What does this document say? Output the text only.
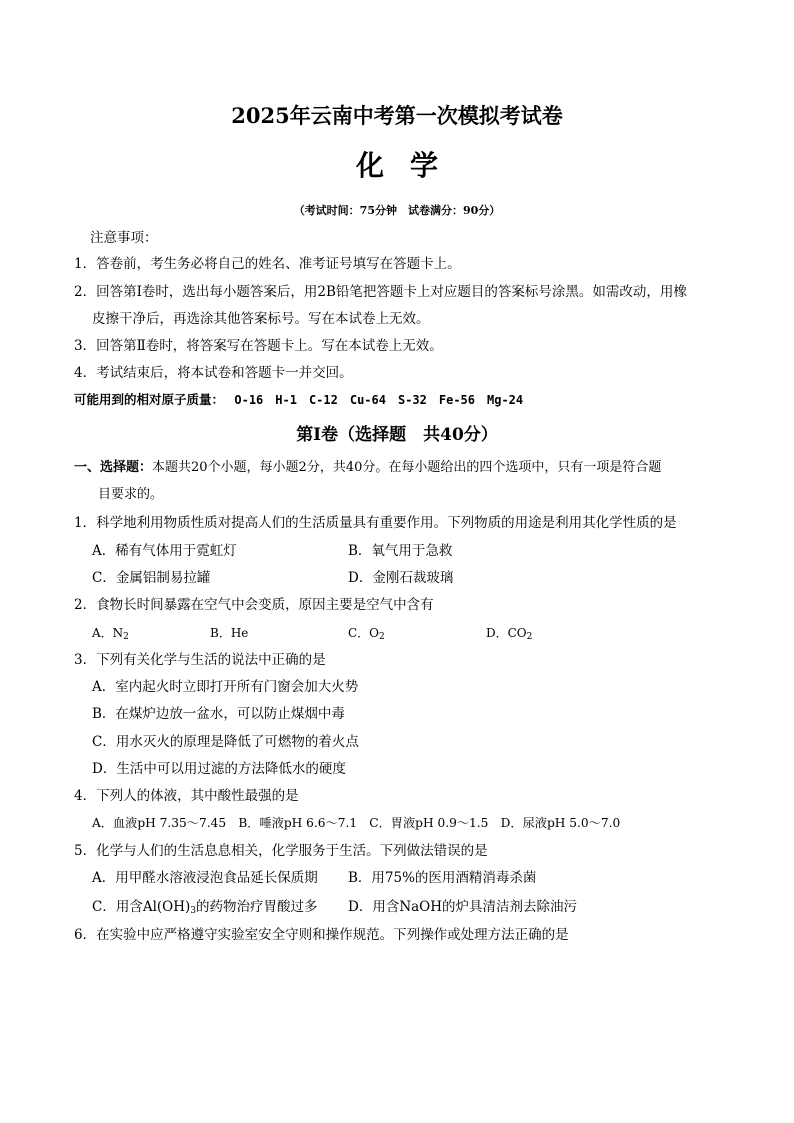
2025年云南中考第一次模拟考试卷
化学
（考试时间：75分钟　试卷满分：90分）
注意事项：
1．答卷前，考生务必将自己的姓名、准考证号填写在答题卡上。
2．回答第Ⅰ卷时，选出每小题答案后，用2B铅笔把答题卡上对应题目的答案标号涂黑。如需改动，用橡
皮擦干净后，再选涂其他答案标号。写在本试卷上无效。
3．回答第Ⅱ卷时，将答案写在答题卡上。写在本试卷上无效。
4．考试结束后，将本试卷和答题卡一并交回。
可能用到的相对原子质量： O-16　H-1　C-12　Cu-64　S-32　Fe-56　Mg-24
第Ⅰ卷（选择题　共40分）
一、选择题：本题共20个小题，每小题2分，共40分。在每小题给出的四个选项中，只有一项是符合题
目要求的。
1．科学地利用物质性质对提高人们的生活质量具有重要作用。下列物质的用途是利用其化学性质的是
A．稀有气体用于霓虹灯	B．氧气用于急救
C．金属铝制易拉罐	D．金刚石裁玻璃
2．食物长时间暴露在空气中会变质，原因主要是空气中含有
A．$N_2$	B．He	C．$O_2$	D．$CO_2$
3．下列有关化学与生活的说法中正确的是
A．室内起火时立即打开所有门窗会加大火势
B．在煤炉边放一盆水，可以防止煤烟中毒
C．用水灭火的原理是降低了可燃物的着火点
D．生活中可以用过滤的方法降低水的硬度
4．下列人的体液，其中酸性最强的是
A．血液pH 7.35～7.45　B．唾液pH 6.6～7.1　C．胃液pH 0.9～1.5　D．尿液pH 5.0～7.0
5．化学与人们的生活息息相关，化学服务于生活。下列做法错误的是
A．用甲醛水溶液浸泡食品延长保质期 B．用75%的医用酒精消毒杀菌
C．用含$Al(OH)_3$的药物治疗胃酸过多 D．用含NaOH的炉具清洁剂去除油污
6．在实验中应严格遵守实验室安全守则和操作规范。下列操作或处理方法正确的是
